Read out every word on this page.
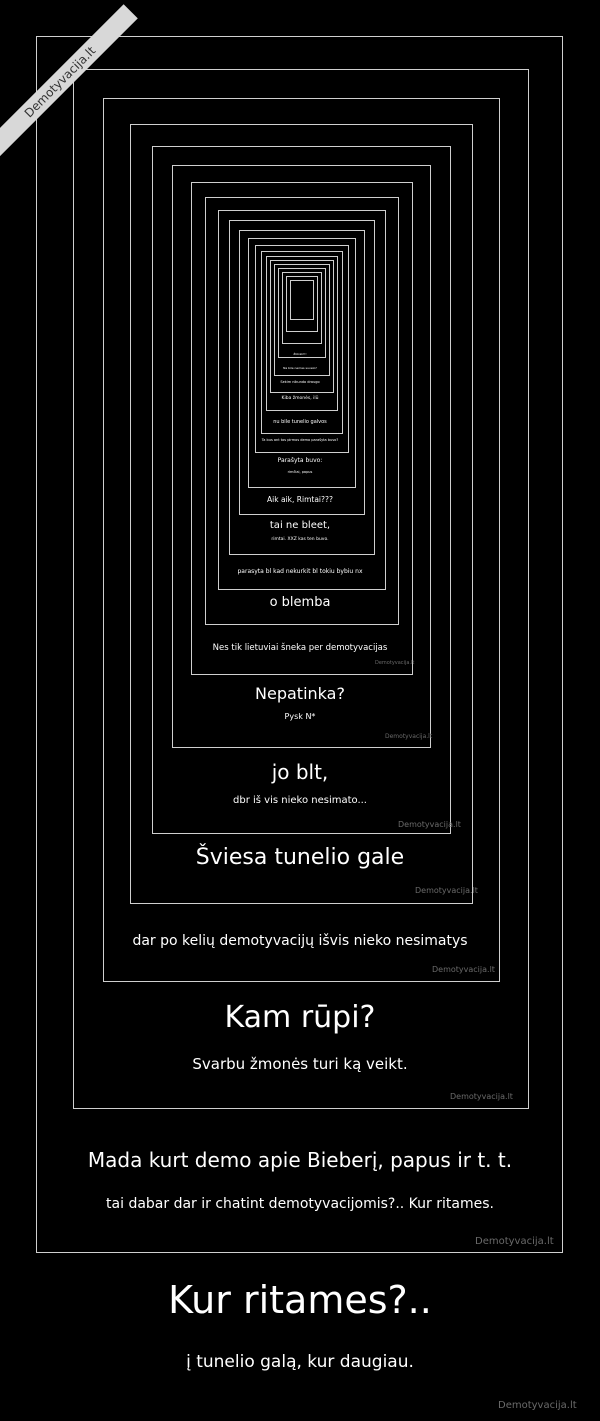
Kam rūpi?
Svarbu žmonės turi ką veikt.
Demotyvacija.lt
dar po kelių demotyvacijų išvis nieko nesimatys
Demotyvacija.lt
Šviesa tunelio gale
Demotyvacija.lt
jo blt,
dbr iš vis nieko nesimato...
Demotyvacija.lt
Nepatinka?
Pysk N*
Demotyvacija.lt
Nes tik lietuviai šneka per demotyvacijas
Demotyvacija.lt
o blemba
parasyta bl kad nekurkit bl tokiu bybiu nx
tai ne bleet,
rimtai. XXZ kas ten buvo.
Aik aik, Rimtai???
Parašyta buvo:
rimčiai, papus
Ta bus ant tos pirmos demo parašyta buvo?
nu bile tunelio galvos
Kiba žmonės, ilü
Sekim nikundo draugo
Na bile nemas suvelo?
Žiūrėk!!!
Demotyvacija.lt
Mada kurt demo apie Bieberį, papus ir t. t.
tai dabar dar ir chatint demotyvacijomis?.. Kur ritames.
Demotyvacija.lt
Kur ritames?..
į tunelio galą, kur daugiau.
Demotyvacija.lt
